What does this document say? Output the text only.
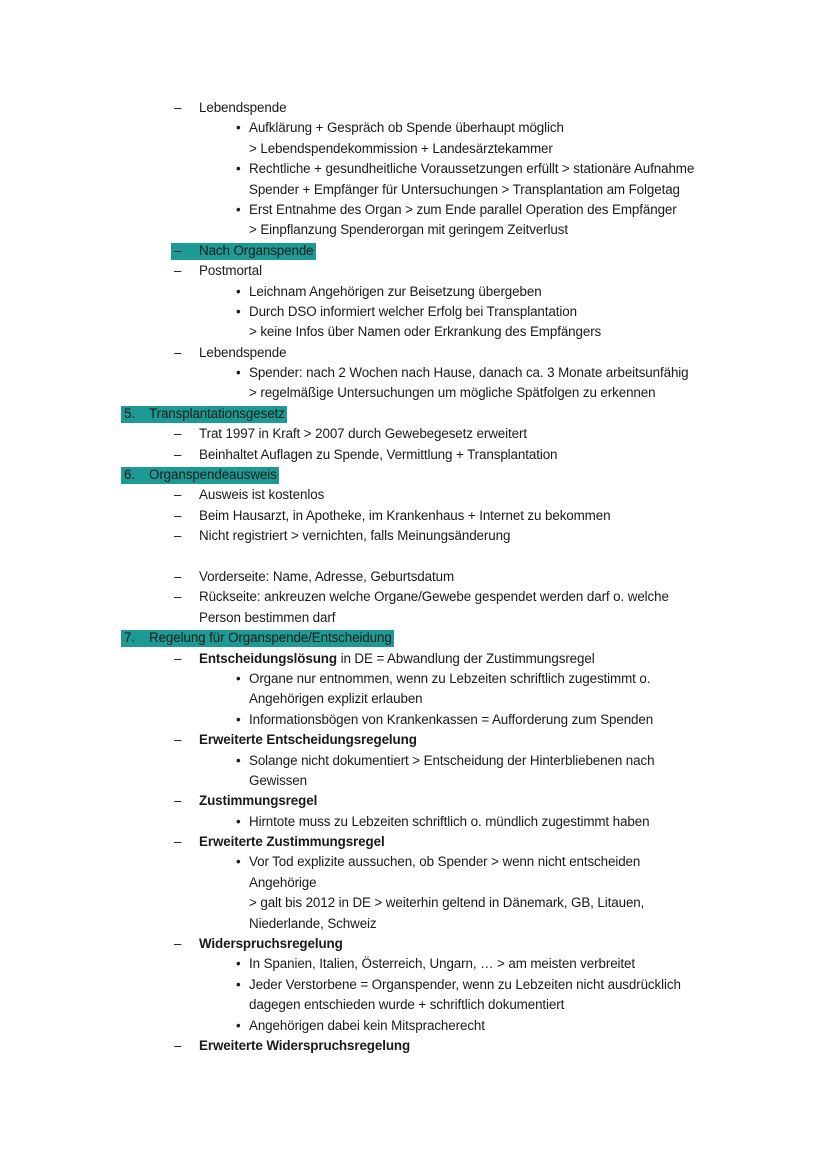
– Lebendspende
• Aufklärung + Gespräch ob Spende überhaupt möglich
> Lebendspendekommission + Landesärztekammer
• Rechtliche + gesundheitliche Voraussetzungen erfüllt > stationäre Aufnahme
Spender + Empfänger für Untersuchungen > Transplantation am Folgetag
• Erst Entnahme des Organ > zum Ende parallel Operation des Empfänger
> Einpflanzung Spenderorgan mit geringem Zeitverlust
– Nach Organspende
– Postmortal
• Leichnam Angehörigen zur Beisetzung übergeben
• Durch DSO informiert welcher Erfolg bei Transplantation
> keine Infos über Namen oder Erkrankung des Empfängers
– Lebendspende
• Spender: nach 2 Wochen nach Hause, danach ca. 3 Monate arbeitsunfähig
> regelmäßige Untersuchungen um mögliche Spätfolgen zu erkennen
5. Transplantationsgesetz
– Trat 1997 in Kraft > 2007 durch Gewebegesetz erweitert
– Beinhaltet Auflagen zu Spende, Vermittlung + Transplantation
6. Organspendeausweis
– Ausweis ist kostenlos
– Beim Hausarzt, in Apotheke, im Krankenhaus + Internet zu bekommen
– Nicht registriert > vernichten, falls Meinungsänderung
– Vorderseite: Name, Adresse, Geburtsdatum
– Rückseite: ankreuzen welche Organe/Gewebe gespendet werden darf o. welche
Person bestimmen darf
7. Regelung für Organspende/Entscheidung
– Entscheidungslösung in DE = Abwandlung der Zustimmungsregel
• Organe nur entnommen, wenn zu Lebzeiten schriftlich zugestimmt o.
Angehörigen explizit erlauben
• Informationsbögen von Krankenkassen = Aufforderung zum Spenden
– Erweiterte Entscheidungsregelung
• Solange nicht dokumentiert > Entscheidung der Hinterbliebenen nach
Gewissen
– Zustimmungsregel
• Hirntote muss zu Lebzeiten schriftlich o. mündlich zugestimmt haben
– Erweiterte Zustimmungsregel
• Vor Tod explizite aussuchen, ob Spender > wenn nicht entscheiden
Angehörige
> galt bis 2012 in DE > weiterhin geltend in Dänemark, GB, Litauen,
Niederlande, Schweiz
– Widerspruchsregelung
• In Spanien, Italien, Österreich, Ungarn, … > am meisten verbreitet
• Jeder Verstorbene = Organspender, wenn zu Lebzeiten nicht ausdrücklich
dagegen entschieden wurde + schriftlich dokumentiert
• Angehörigen dabei kein Mitspracherecht
– Erweiterte Widerspruchsregelung
